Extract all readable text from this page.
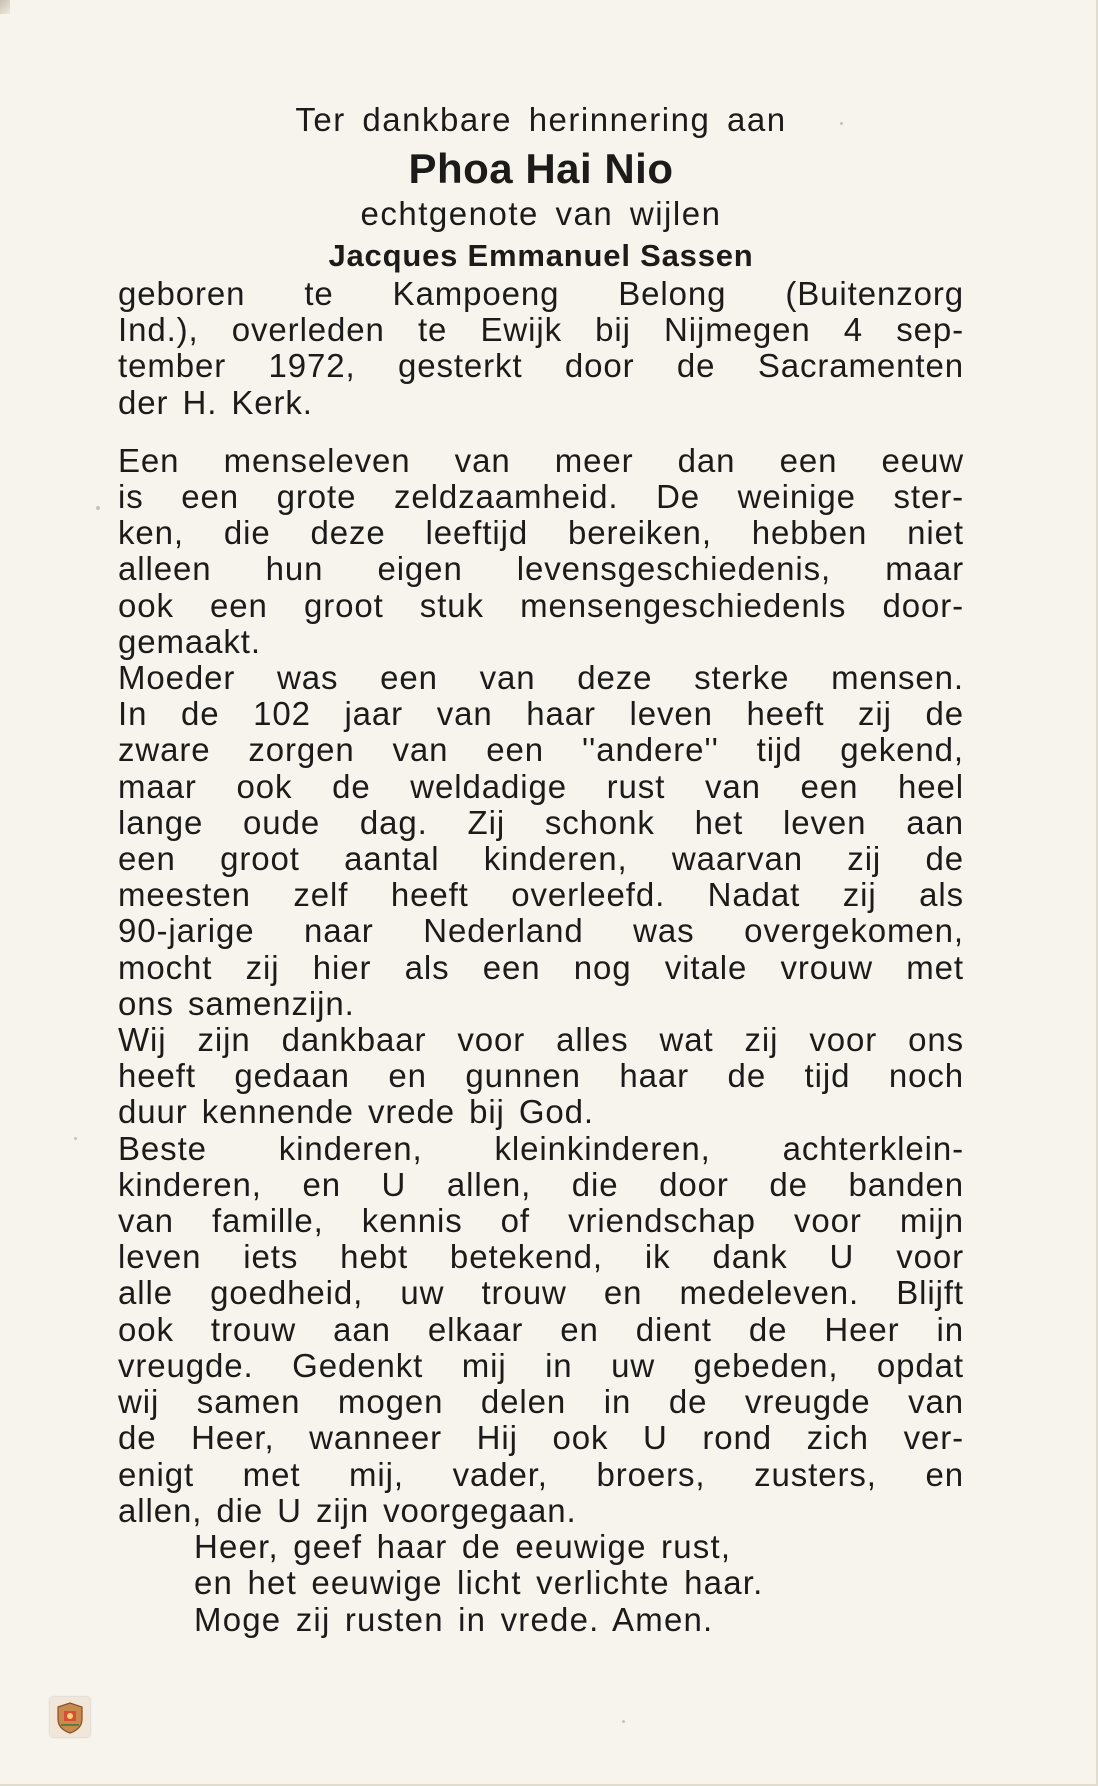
Ter dankbare herinnering aan
Phoa Hai Nio
echtgenote van wijlen
Jacques Emmanuel Sassen
geboren te Kampoeng Belong (Buitenzorg
Ind.), overleden te Ewijk bij Nijmegen 4 sep-
tember 1972, gesterkt door de Sacramenten
der H. Kerk.
Een menseleven van meer dan een eeuw
is een grote zeldzaamheid. De weinige ster-
ken, die deze leeftijd bereiken, hebben niet
alleen hun eigen levensgeschiedenis, maar
ook een groot stuk mensengeschiedenls door-
gemaakt.
Moeder was een van deze sterke mensen.
In de 102 jaar van haar leven heeft zij de
zware zorgen van een ''andere'' tijd gekend,
maar ook de weldadige rust van een heel
lange oude dag. Zij schonk het leven aan
een groot aantal kinderen, waarvan zij de
meesten zelf heeft overleefd. Nadat zij als
90-jarige naar Nederland was overgekomen,
mocht zij hier als een nog vitale vrouw met
ons samenzijn.
Wij zijn dankbaar voor alles wat zij voor ons
heeft gedaan en gunnen haar de tijd noch
duur kennende vrede bij God.
Beste kinderen, kleinkinderen, achterklein-
kinderen, en U allen, die door de banden
van famille, kennis of vriendschap voor mijn
leven iets hebt betekend, ik dank U voor
alle goedheid, uw trouw en medeleven. Blijft
ook trouw aan elkaar en dient de Heer in
vreugde. Gedenkt mij in uw gebeden, opdat
wij samen mogen delen in de vreugde van
de Heer, wanneer Hij ook U rond zich ver-
enigt met mij, vader, broers, zusters, en
allen, die U zijn voorgegaan.
Heer, geef haar de eeuwige rust,
en het eeuwige licht verlichte haar.
Moge zij rusten in vrede. Amen.
